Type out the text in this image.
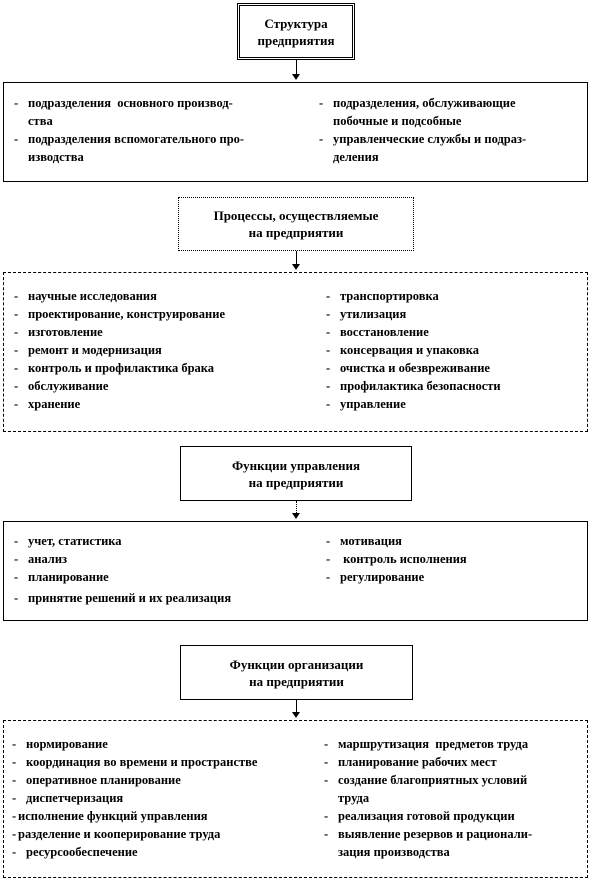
Структура
предприятия
- подразделения  основного производ-
ства
- подразделения вспомогательного про-
изводства
- подразделения, обслуживающие
побочные и подсобные
- управленческие службы и подраз-
деления
Процессы, осуществляемые
на предприятии
- научные исследования
- проектирование, конструирование
- изготовление
- ремонт и модернизация
- контроль и профилактика брака
- обслуживание
- хранение
- транспортировка
- утилизация
- восстановление
- консервация и упаковка
- очистка и обезвреживание
- профилактика безопасности
- управление
Функции управления
на предприятии
- учет, статистика
- анализ
- планирование
- принятие решений и их реализация
- мотивация
- контроль исполнения
- регулирование
Функции организации
на предприятии
- нормирование
- координация во времени и пространстве
- оперативное планирование
- диспетчеризация
- исполнение функций управления
- разделение и кооперирование труда
- ресурсообеспечение
- маршрутизация  предметов труда
- планирование рабочих мест
- создание благоприятных условий
труда
- реализация готовой продукции
- выявление резервов и рационали-
зация производства
